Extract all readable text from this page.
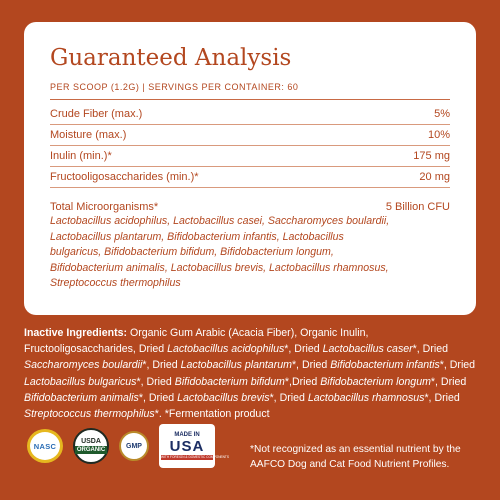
Guaranteed Analysis
PER SCOOP (1.2G) | SERVINGS PER CONTAINER: 60
Crude Fiber (max.)	5%
Moisture (max.)	10%
Inulin (min.)*	175 mg
Fructooligosaccharides (min.)*	20 mg
Total Microorganisms*	5 Billion CFU
Lactobacillus acidophilus, Lactobacillus casei, Saccharomyces boulardii, Lactobacillus plantarum, Bifidobacterium infantis, Lactobacillus bulgaricus, Bifidobacterium bifidum, Bifidobacterium longum, Bifidobacterium animalis, Lactobacillus brevis, Lactobacillus rhamnosus, Streptococcus thermophilus
Inactive Ingredients: Organic Gum Arabic (Acacia Fiber), Organic Inulin, Fructooligosaccharides, Dried Lactobacillus acidophilus*, Dried Lactobacillus caser*, Dried Saccharomyces boulardii*, Dried Lactobacillus plantarum*, Dried Bifidobacterium infantis*, Dried Lactobacillus bulgaricus*, Dried Bifidobacterium bifidum*,Dried Bifidobacterium longum*, Dried Bifidobacterium animalis*, Dried Lactobacillus brevis*, Dried Lactobacillus rhamnosus*, Dried Streptococcus thermophilus*. *Fermentation product
NASC	USDA
ORGANIC
GMP
MADE IN
USA
WITH FOREIGN & DOMESTIC COMPONENTS
*Not recognized as an essential nutrient by the AAFCO Dog and Cat Food Nutrient Profiles.
